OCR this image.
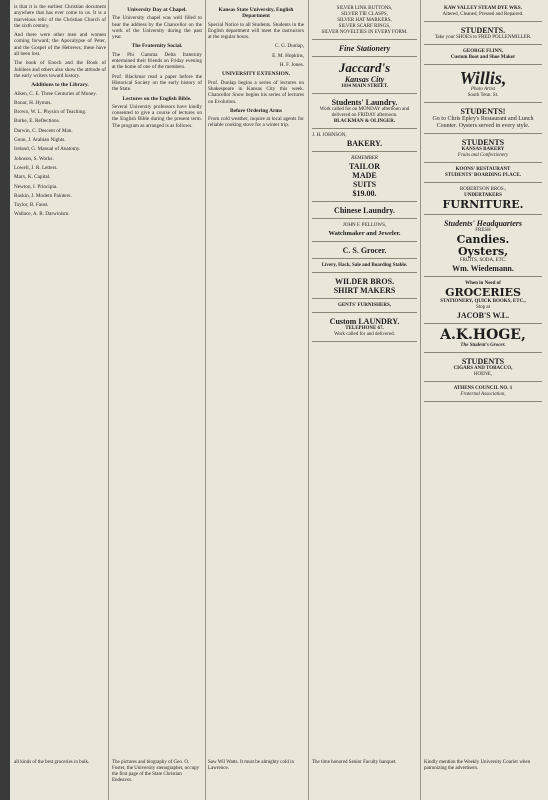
is that it is the earliest Christian document anywhere that has ever come to us. It is a marvelous relic of the Christian Church of the sixth century.

And there were other men and women coming forward; the Apocalypse of Peter, and the Gospel of the Hebrews; these have all been lost.

The book of Enoch and the Book of Jubilees and others also show the attitude of the early writers toward history.

Additions to the Library.

Aiken, C. E. Three Centuries of Money.

Bonar, H. Hymns.

Brown, W. L. Physics of Teaching.

Burke, E. Reflections.

Darwin, C. Descent of Man.

Gunn, J. Arabian Nights.

Ireland, G. Manual of Anatomy.

Johnson, S. Works.

Lowell, J. R. Letters.

Marx, K. Capital.

Newton, I. Principia.

Ruskin, J. Modern Painters.

Taylor, B. Faust.

Wallace, A. R. Darwinism.

University Day at Chapel.

The University chapel was well filled to hear the address by the Chancellor on the work of the University during the past year.

The Fraternity Social.

The Phi Gamma Delta fraternity entertained their friends on Friday evening at the home of one of the members.

Prof. Blackmar read a paper before the Historical Society on the early history of the State.

Lectures on the English Bible.

Several University professors have kindly consented to give a course of lectures on the English Bible during the present term. The program as arranged is as follows.

Kansas State University, English Department

Special Notice to all Students. Students in the English department will meet the instructors at the regular hours.

C. G. Dunlap,

E. M. Hopkins,

H. F. Jones.

UNIVERSITY EXTENSION.

Prof. Dunlap begins a series of lectures on Shakespeare in Kansas City this week. Chancellor Snow begins his series of lectures on Evolution.

Before Ordering Arms

From cold weather, inquire at local agents for reliable cooking stove for a winter trip.

SILVER LINK BUTTONS,
SILVER TIE CLASPS,
SILVER HAT MARKERS,
SILVER SCARF RINGS,
SILVER NOVELTIES IN EVERY FORM.
Fine Stationery
Jaccard's
Kansas City
1034 MAIN STREET.
Students' Laundry.
Work called for on MONDAY afternoon and delivered on FRIDAY afternoon.
BLACKMAN & OLINGER.
J. H. JOHNSON,
BAKERY.
REMEMBER
TAILOR
MADE
SUITS
$19.00.
Chinese Laundry.
JOHN F. PELLOWS,
Watchmaker and Jeweler.
C. S. Grocer.
Livery, Hack, Sale and Boarding Stable.
WILDER BROS.
SHIRT MAKERS
GENTS' FURNISHERS,
Custom LAUNDRY.
TELEPHONE 67.
Work called for and delivered.
KAW VALLEY STEAM DYE WKS.
Altered, Cleaned, Pressed and Repaired.
STUDENTS.
Take your SHOES to FRED POLLENMILLER.
GEORGE FLINN,
Custom Boot and Shoe Maker
Willis,
Photo Artist
South Tenn. St.
STUDENTS!
Go to Chris Epley's Restaurant and Lunch Counter. Oysters served in every style.
STUDENTS
KANSAS BAKERY
Fruits and Confectionery
KOONS' RESTAURANT
STUDENTS' BOARDING PLACE.
ROBERTSON BROS.,
UNDERTAKERS
FURNITURE.
Students' Headquarters
FRESH
Candies.
Oysters,
FRUITS, SODA, ETC.
Wm. Wiedemann.
When in Need of
GROCERIES
STATIONERY, QUICK BOOKS, ETC.,
Stop at
JACOB'S W.L.
A.K.HOGE,
The Student's Grocer.
STUDENTS
CIGARS AND TOBACCO,
HOENE,
ATHENS COUNCIL NO. 1
Fraternal Association,
all kinds of the best groceries in bulk.	The pictures and biography of Geo. O. Foster, the University stenographer, occupy the first page of the State Christian Endeavor.
Saw Wil Watts. It must be almighty cold in Lawrence.
The time honored Senior Faculty banquet.	Kindly mention the Weekly University Courier when patronizing the advertisers.
